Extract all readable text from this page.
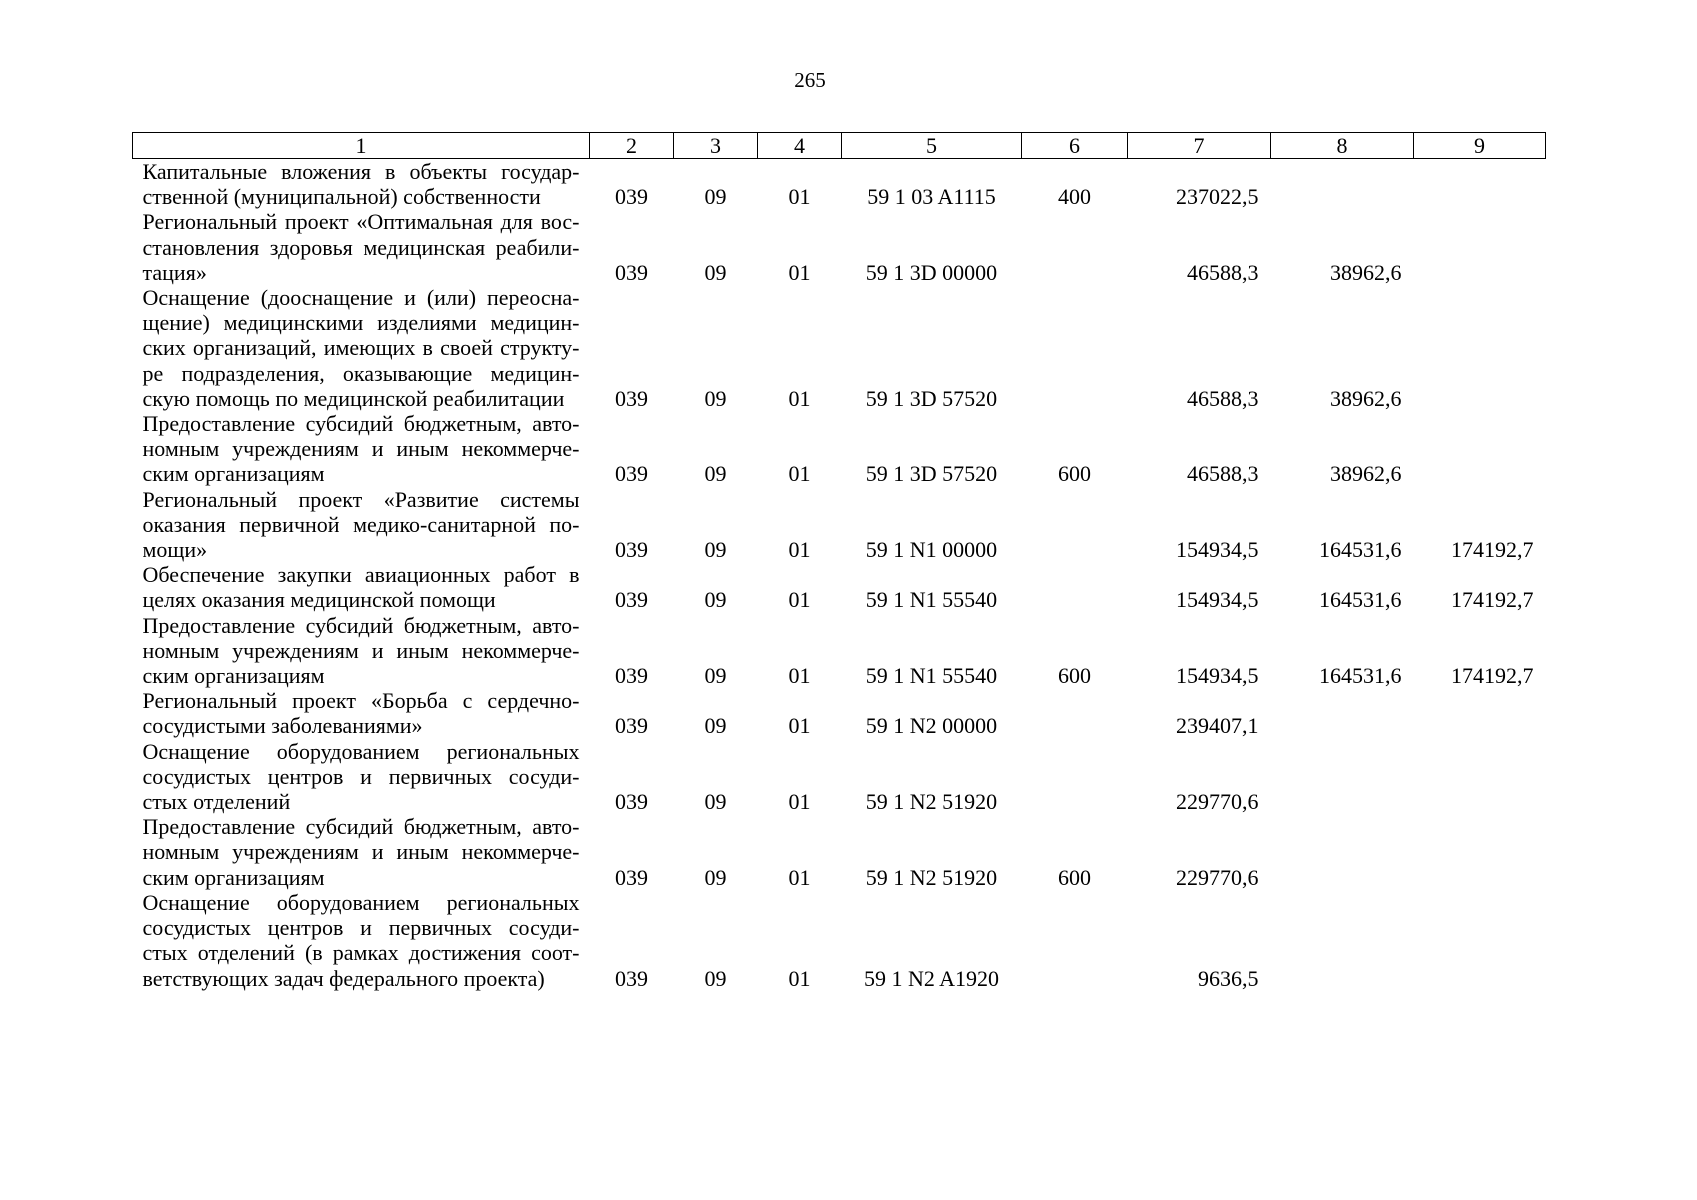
265
1	2	3	4	5	6	7	8	9
Капитальные вложения в объекты государ-ственной (муниципальной) собственности	039	09	01	59 1 03 A1115	400	237022,5		
Региональный проект «Оптимальная для вос-становления здоровья медицинская реабили-тация»	039	09	01	59 1 3D 00000		46588,3	38962,6	
Оснащение (дооснащение и (или) переосна-щение) медицинскими изделиями медицин-ских организаций, имеющих в своей структу-ре подразделения, оказывающие медицин-скую помощь по медицинской реабилитации	039	09	01	59 1 3D 57520		46588,3	38962,6	
Предоставление субсидий бюджетным, авто-номным учреждениям и иным некоммерче-ским организациям	039	09	01	59 1 3D 57520	600	46588,3	38962,6	
Региональный проект «Развитие системы оказания первичной медико-санитарной по-мощи»	039	09	01	59 1 N1 00000		154934,5	164531,6	174192,7
Обеспечение закупки авиационных работ в целях оказания медицинской помощи	039	09	01	59 1 N1 55540		154934,5	164531,6	174192,7
Предоставление субсидий бюджетным, авто-номным учреждениям и иным некоммерче-ским организациям	039	09	01	59 1 N1 55540	600	154934,5	164531,6	174192,7
Региональный проект «Борьба с сердечно-сосудистыми заболеваниями»	039	09	01	59 1 N2 00000		239407,1		
Оснащение оборудованием региональных сосудистых центров и первичных сосуди-стых отделений	039	09	01	59 1 N2 51920		229770,6		
Предоставление субсидий бюджетным, авто-номным учреждениям и иным некоммерче-ским организациям	039	09	01	59 1 N2 51920	600	229770,6		
Оснащение оборудованием региональных сосудистых центров и первичных сосуди-стых отделений (в рамках достижения соот-ветствующих задач федерального проекта)	039	09	01	59 1 N2 A1920		9636,5		
